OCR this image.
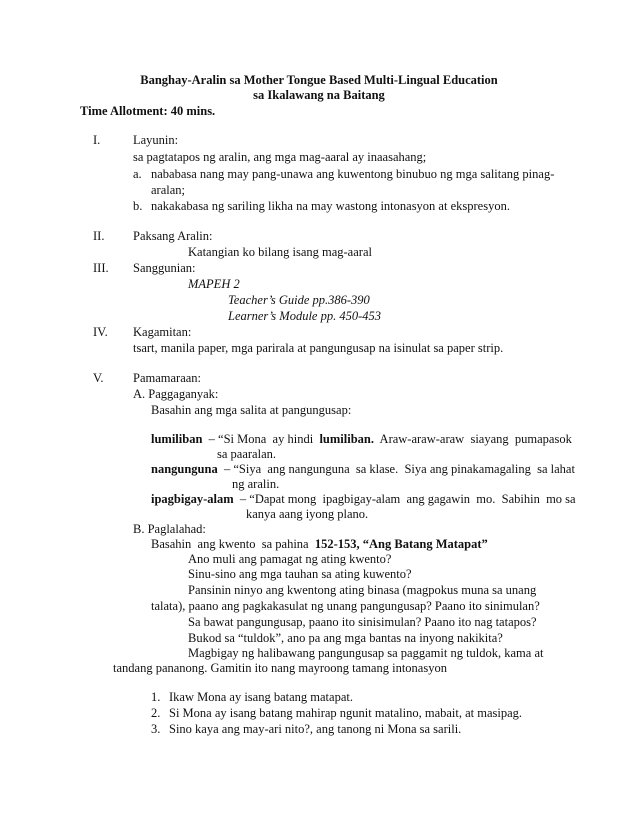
Banghay-Aralin sa Mother Tongue Based Multi-Lingual Education
sa Ikalawang na Baitang
Time Allotment: 40 mins.
I.	Layunin:
sa pagtatapos ng aralin, ang mga mag-aaral ay inaasahang;
a. nababasa nang may pang-unawa ang kuwentong binubuo ng mga salitang pinag-
aralan;
b. nakakabasa ng sariling likha na may wastong intonasyon at ekspresyon.
II. Paksang Aralin:
Katangian ko bilang isang mag-aaral
III. Sanggunian:
MAPEH 2
Teacher’s Guide pp.386-390
Learner’s Module pp. 450-453
IV. Kagamitan:
tsart, manila paper, mga parirala at pangungusap na isinulat sa paper strip.
V. Pamamaraan:
A. Paggaganyak:
Basahin ang mga salita at pangungusap:
lumiliban  – “Si Mona  ay hindi  lumiliban.  Araw-araw-araw  siayang  pumapasok
sa paaralan.
nangunguna  – “Siya  ang nangunguna  sa klase.  Siya ang pinakamagaling  sa lahat
ng aralin.
ipagbigay-alam  – “Dapat mong  ipagbigay-alam  ang gagawin  mo.  Sabihin  mo sa
kanya aang iyong plano.
B. Paglalahad:
Basahin  ang kwento  sa pahina  152-153, “Ang Batang Matapat”
Ano muli ang pamagat ng ating kwento?
Sinu-sino ang mga tauhan sa ating kuwento?
Pansinin ninyo ang kwentong ating binasa (magpokus muna sa unang
talata), paano ang pagkakasulat ng unang pangungusap? Paano ito sinimulan?
Sa bawat pangungusap, paano ito sinisimulan? Paano ito nag tatapos?
Bukod sa “tuldok”, ano pa ang mga bantas na inyong nakikita?
Magbigay ng halibawang pangungusap sa paggamit ng tuldok, kama at
tandang pananong. Gamitin ito nang mayroong tamang intonasyon
1. Ikaw Mona ay isang batang matapat.
2. Si Mona ay isang batang mahirap ngunit matalino, mabait, at masipag.
3. Sino kaya ang may-ari nito?, ang tanong ni Mona sa sarili.
